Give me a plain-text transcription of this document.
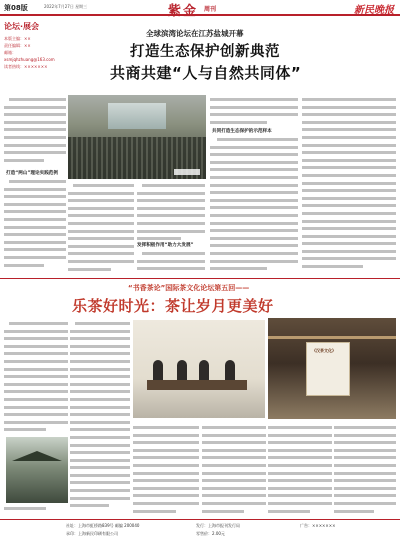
第08版	2022年7月27日 星期三	紫金 周刊	新民晚报
论坛·展会

本版主编：××

责任编辑：××

邮箱：

xsmjqhzhuang@163.com

读者热线：×××××××

全球滨湾论坛在江苏盐城开幕
打造生态保护创新典范
共商共建“人与自然共同体”
打造“两山”理论实践范例
发挥积极作用“助力大发展”
共同打造生态保护的示范样本
“书香茶论”国际茶文化论坛第五回——
乐茶好时光：茶让岁月更美好
《汉茶文化》

社址：上海市虹桥路839号 邮编 200040

承印：上海新民印刷有限公司

发行：上海市报刊发行局

零售价：2.00元

广告：×××××××
